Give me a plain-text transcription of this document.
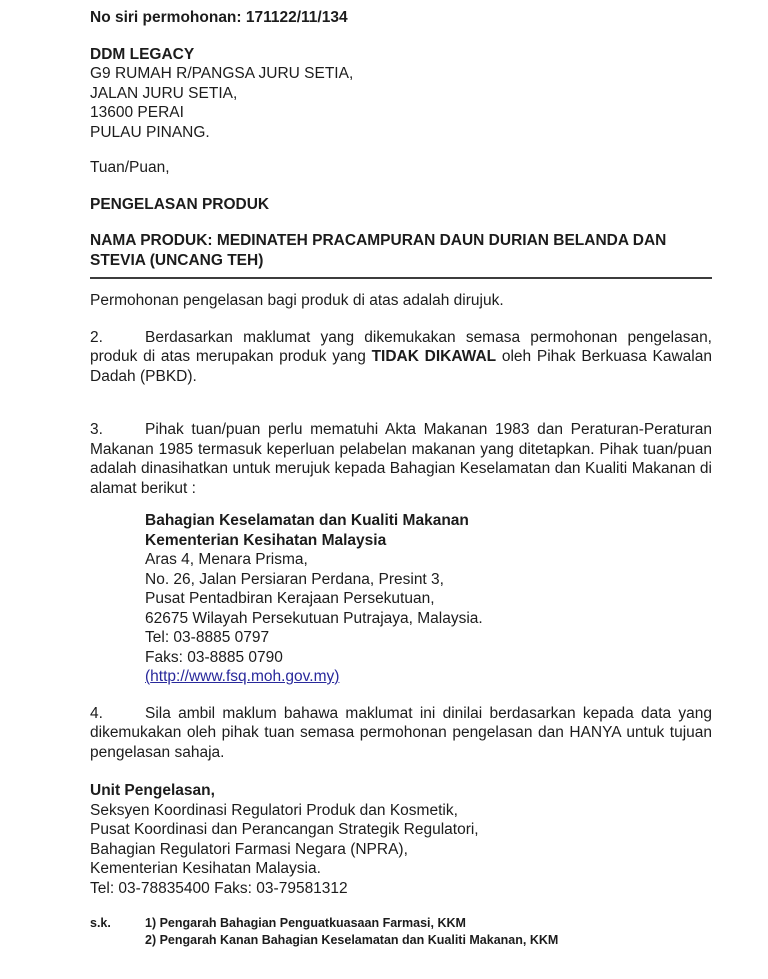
No siri permohonan: 171122/11/134
DDM LEGACY
G9 RUMAH R/PANGSA JURU SETIA,
JALAN JURU SETIA,
13600 PERAI
PULAU PINANG.
Tuan/Puan,
PENGELASAN PRODUK
NAMA PRODUK: MEDINATEH PRACAMPURAN DAUN DURIAN BELANDA DAN STEVIA (UNCANG TEH)
Permohonan pengelasan bagi produk di atas adalah dirujuk.

2.	Berdasarkan maklumat yang dikemukakan semasa permohonan pengelasan, produk di atas merupakan produk yang TIDAK DIKAWAL oleh Pihak Berkuasa Kawalan Dadah (PBKD).

3.	Pihak tuan/puan perlu mematuhi Akta Makanan 1983 dan Peraturan-Peraturan Makanan 1985 termasuk keperluan pelabelan makanan yang ditetapkan. Pihak tuan/puan adalah dinasihatkan untuk merujuk kepada Bahagian Keselamatan dan Kualiti Makanan di alamat berikut :

Bahagian Keselamatan dan Kualiti Makanan
Kementerian Kesihatan Malaysia
Aras 4, Menara Prisma,
No. 26, Jalan Persiaran Perdana, Presint 3,
Pusat Pentadbiran Kerajaan Persekutuan,
62675 Wilayah Persekutuan Putrajaya, Malaysia.
Tel: 03-8885 0797
Faks: 03-8885 0790
(http://www.fsq.moh.gov.my)

4.	Sila ambil maklum bahawa maklumat ini dinilai berdasarkan kepada data yang dikemukakan oleh pihak tuan semasa permohonan pengelasan dan HANYA untuk tujuan pengelasan sahaja.

Unit Pengelasan,
Seksyen Koordinasi Regulatori Produk dan Kosmetik,
Pusat Koordinasi dan Perancangan Strategik Regulatori,
Bahagian Regulatori Farmasi Negara (NPRA),
Kementerian Kesihatan Malaysia.
Tel: 03-78835400 Faks: 03-79581312
s.k.	1) Pengarah Bahagian Penguatkuasaan Farmasi, KKM
2) Pengarah Kanan Bahagian Keselamatan dan Kualiti Makanan, KKM
